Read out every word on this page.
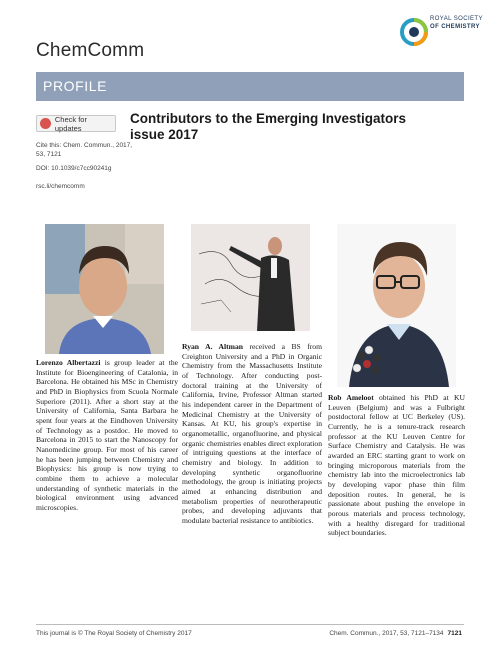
ChemComm
ROYAL SOCIETY
OF CHEMISTRY
PROFILE
Check for updates
Cite this: Chem. Commun., 2017,
53, 7121
DOI: 10.1039/c7cc90241g
rsc.li/chemcomm
Contributors to the Emerging Investigators issue 2017
Lorenzo Albertazzi is group leader at the Institute for Bioengineering of Catalonia, in Barcelona. He obtained his MSc in Chemistry and PhD in Biophysics from Scuola Normale Superiore (2011). After a short stay at the University of California, Santa Barbara he spent four years at the Eindhoven University of Technology as a postdoc. He moved to Barcelona in 2015 to start the Nanoscopy for Nanomedicine group. For most of his career he has been jumping between Chemistry and Biophysics: his group is now trying to combine them to achieve a molecular understanding of synthetic materials in the biological environment using advanced microscopies.
Ryan A. Altman received a BS from Creighton University and a PhD in Organic Chemistry from the Massachusetts Institute of Technology. After conducting post-doctoral training at the University of California, Irvine, Professor Altman started his independent career in the Department of Medicinal Chemistry at the University of Kansas. At KU, his group's expertise in organometallic, organofluorine, and physical organic chemistries enables direct exploration of intriguing questions at the interface of chemistry and biology. In addition to developing synthetic organofluorine methodology, the group is initiating projects aimed at enhancing distribution and metabolism properties of neurotherapeutic probes, and developing adjuvants that modulate bacterial resistance to antibiotics.
Rob Ameloot obtained his PhD at KU Leuven (Belgium) and was a Fulbright postdoctoral fellow at UC Berkeley (US). Currently, he is a tenure-track research professor at the KU Leuven Centre for Surface Chemistry and Catalysis. He was awarded an ERC starting grant to work on bringing microporous materials from the chemistry lab into the microelectronics lab by developing vapor phase thin film deposition routes. In general, he is passionate about pushing the envelope in porous materials and process technology, with a healthy disregard for traditional subject boundaries.
This journal is © The Royal Society of Chemistry 2017	Chem. Commun., 2017, 53, 7121–7134 7121
